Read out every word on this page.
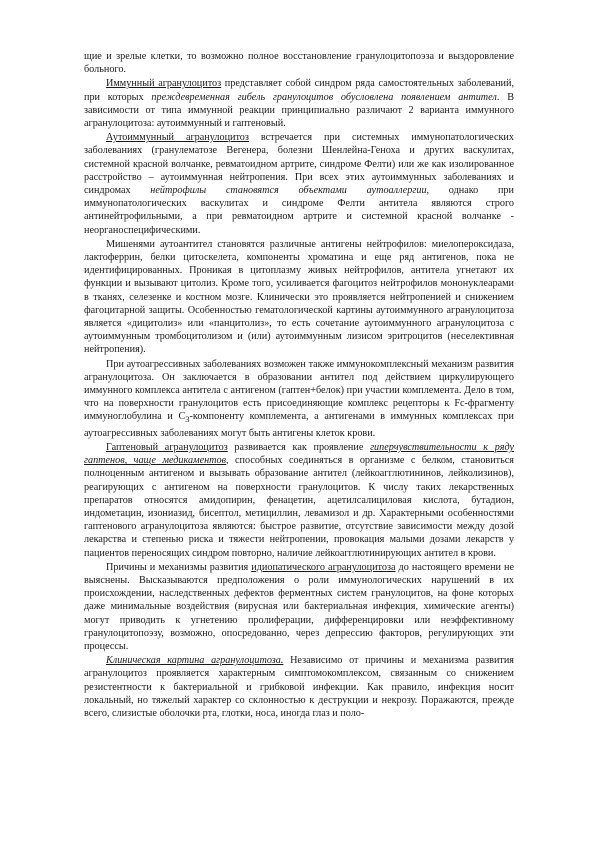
щие и зрелые клетки, то возможно полное восстановление гранулоцитопоэза и выздоровление больного.

Иммунный агранулоцитоз представляет собой синдром ряда самостоятельных заболеваний, при которых преждевременная гибель гранулоцитов обусловлена появлением антител. В зависимости от типа иммунной реакции принципиально различают 2 варианта иммунного агранулоцитоза: аутоиммунный и гаптеновый.

Аутоиммунный агранулоцитоз встречается при системных иммунопатологических заболеваниях (гранулематозе Вегенера, болезни Шенлейна-Геноха и других васкулитах, системной красной волчанке, ревматоидном артрите, синдроме Фелти) или же как изолированное расстройство – аутоиммунная нейтропения. При всех этих аутоиммунных заболеваниях и синдромах нейтрофилы становятся объектами аутоаллергии, однако при иммунопатологических васкулитах и синдроме Фелти антитела являются строго антинейтрофильными, а при ревматоидном артрите и системной красной волчанке - неорганоспецифическими.

Мишенями аутоантител становятся различные антигены нейтрофилов: миелопероксидаза, лактоферрин, белки цитоскелета, компоненты хроматина и еще ряд антигенов, пока не идентифицированных. Проникая в цитоплазму живых нейтрофилов, антитела угнетают их функции и вызывают цитолиз. Кроме того, усиливается фагоцитоз нейтрофилов мононуклеарами в тканях, селезенке и костном мозге. Клинически это проявляется нейтропенией и снижением фагоцитарной защиты. Особенностью гематологической картины аутоиммунного агранулоцитоза является «дицитолиз» или «панцитолиз», то есть сочетание аутоиммунного агранулоцитоза с аутоиммунным тромбоцитолизом и (или) аутоиммунным лизисом эритроцитов (неселективная нейтропения).

При аутоагрессивных заболеваниях возможен также иммунокомплексный механизм развития агранулоцитоза. Он заключается в образовании антител под действием циркулирующего иммунного комплекса антитела с антигеном (гаптен+белок) при участии комплемента. Дело в том, что на поверхности гранулоцитов есть присоединяющие комплекс рецепторы к Fc-фрагменту иммуноглобулина и $С_3$-компоненту комплемента, а антигенами в иммунных комплексах при аутоагрессивных заболеваниях могут быть антигены клеток крови.

Гаптеновый агранулоцитоз развивается как проявление гиперчувствительности к ряду гаптенов, чаще медикаментов, способных соединяться в организме с белком, становиться полноценным антигеном и вызывать образование антител (лейкоагглютининов, лейколизинов), реагирующих с антигеном на поверхности гранулоцитов. К числу таких лекарственных препаратов относятся амидопирин, фенацетин, ацетилсалициловая кислота, бутадион, индометацин, изониазид, бисептол, метициллин, левамизол и др. Характерными особенностями гаптенового агранулоцитоза являются: быстрое развитие, отсутствие зависимости между дозой лекарства и степенью риска и тяжести нейтропении, провокация малыми дозами лекарств у пациентов переносящих синдром повторно, наличие лейкоагглютинирующих антител в крови.

Причины и механизмы развития идиопатического агранулоцитоза до настоящего времени не выяснены. Высказываются предположения о роли иммунологических нарушений в их происхождении, наследственных дефектов ферментных систем гранулоцитов, на фоне которых даже минимальные воздействия (вирусная или бактериальная инфекция, химические агенты) могут приводить к угнетению пролиферации, дифференцировки или неэффективному гранулоцитопоэзу, возможно, опосредованно, через депрессию факторов, регулирующих эти процессы.

Клиническая картина агранулоцитоза. Независимо от причины и механизма развития агранулоцитоз проявляется характерным симптомокомплексом, связанным со снижением резистентности к бактериальной и грибковой инфекции. Как правило, инфекция носит локальный, но тяжелый характер со склонностью к деструкции и некрозу. Поражаются, прежде всего, слизистые оболочки рта, глотки, носа, иногда глаз и поло-
